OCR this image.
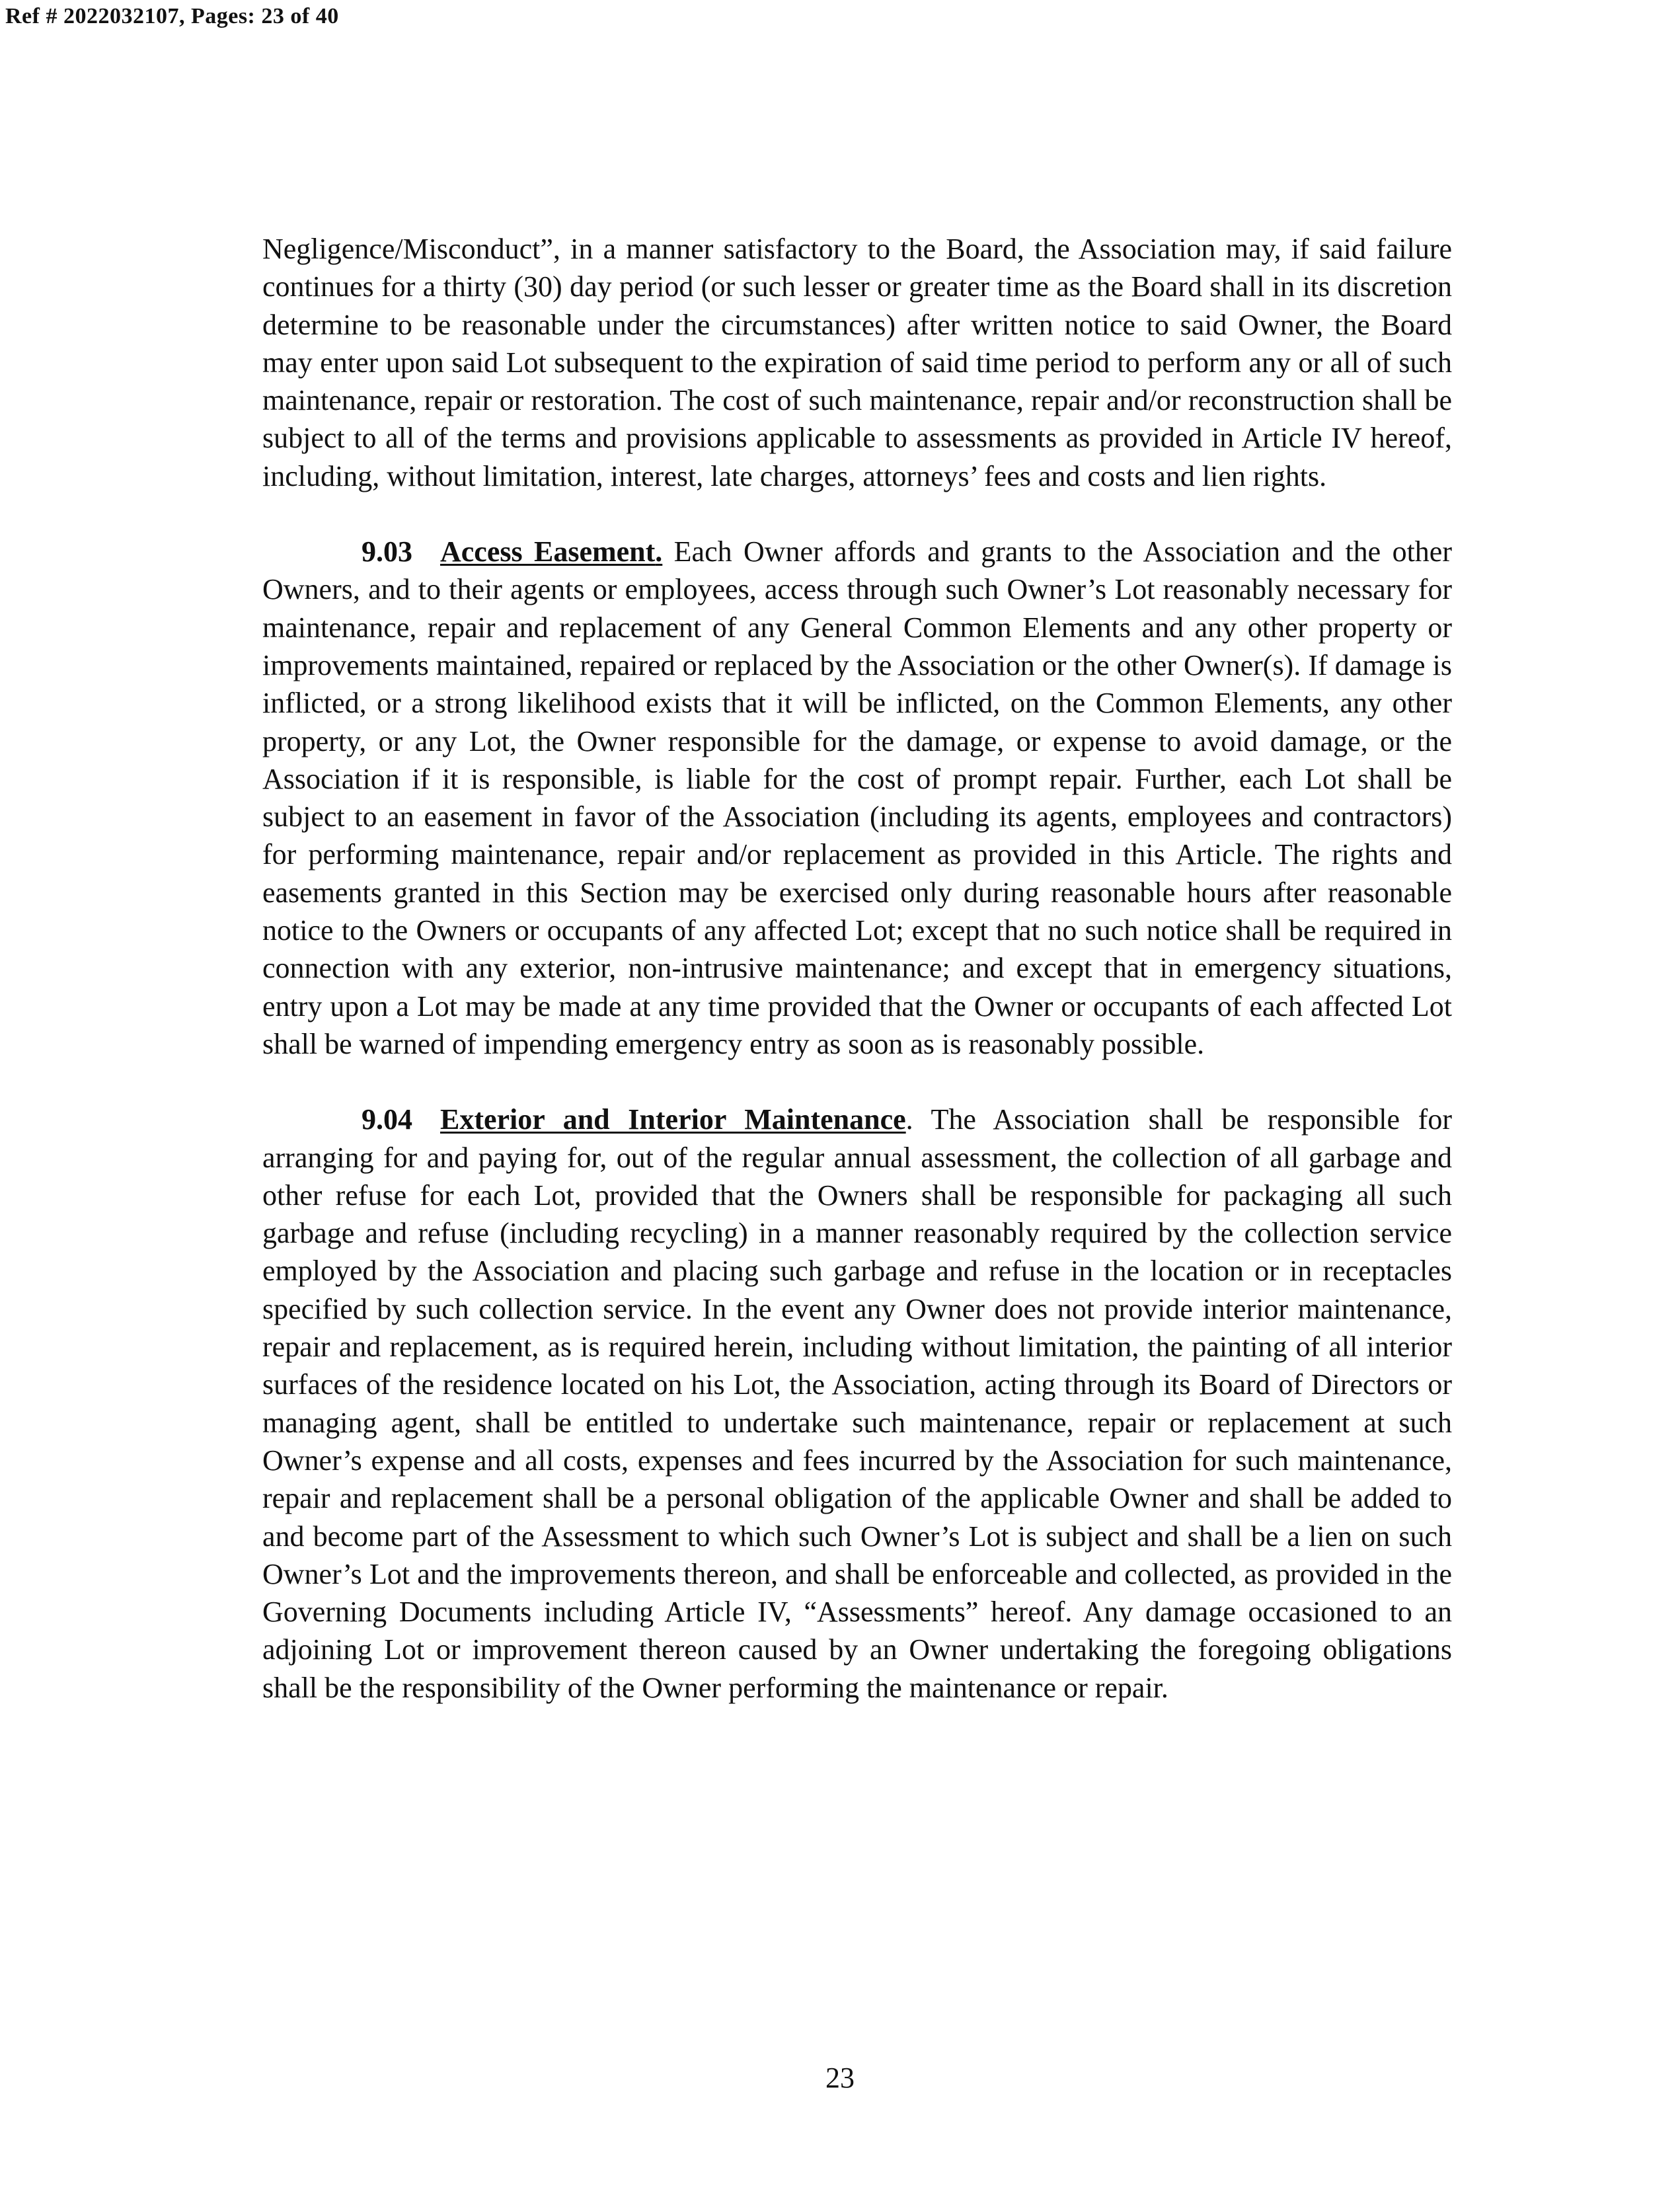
Ref # 2022032107, Pages: 23 of 40

Negligence/Misconduct”, in a manner satisfactory to the Board, the Association may, if said failure continues for a thirty (30) day period (or such lesser or greater time as the Board shall in its discretion determine to be reasonable under the circumstances) after written notice to said Owner, the Board may enter upon said Lot subsequent to the expiration of said time period to perform any or all of such maintenance, repair or restoration. The cost of such maintenance, repair and/or reconstruction shall be subject to all of the terms and provisions applicable to assessments as provided in Article IV hereof, including, without limitation, interest, late charges, attorneys’ fees and costs and lien rights.

9.03 Access Easement. Each Owner affords and grants to the Association and the other Owners, and to their agents or employees, access through such Owner’s Lot reasonably necessary for maintenance, repair and replacement of any General Common Elements and any other property or improvements maintained, repaired or replaced by the Association or the other Owner(s). If damage is inflicted, or a strong likelihood exists that it will be inflicted, on the Common Elements, any other property, or any Lot, the Owner responsible for the damage, or expense to avoid damage, or the Association if it is responsible, is liable for the cost of prompt repair. Further, each Lot shall be subject to an easement in favor of the Association (including its agents, employees and contractors) for performing maintenance, repair and/or replacement as provided in this Article. The rights and easements granted in this Section may be exercised only during reasonable hours after reasonable notice to the Owners or occupants of any affected Lot; except that no such notice shall be required in connection with any exterior, non-intrusive maintenance; and except that in emergency situations, entry upon a Lot may be made at any time provided that the Owner or occupants of each affected Lot shall be warned of impending emergency entry as soon as is reasonably possible.

9.04 Exterior and Interior Maintenance. The Association shall be responsible for arranging for and paying for, out of the regular annual assessment, the collection of all garbage and other refuse for each Lot, provided that the Owners shall be responsible for packaging all such garbage and refuse (including recycling) in a manner reasonably required by the collection service employed by the Association and placing such garbage and refuse in the location or in receptacles specified by such collection service. In the event any Owner does not provide interior maintenance, repair and replacement, as is required herein, including without limitation, the painting of all interior surfaces of the residence located on his Lot, the Association, acting through its Board of Directors or managing agent, shall be entitled to undertake such maintenance, repair or replacement at such Owner’s expense and all costs, expenses and fees incurred by the Association for such maintenance, repair and replacement shall be a personal obligation of the applicable Owner and shall be added to and become part of the Assessment to which such Owner’s Lot is subject and shall be a lien on such Owner’s Lot and the improvements thereon, and shall be enforceable and collected, as provided in the Governing Documents including Article IV, “Assessments” hereof. Any damage occasioned to an adjoining Lot or improvement thereon caused by an Owner undertaking the foregoing obligations shall be the responsibility of the Owner performing the maintenance or repair.

23
